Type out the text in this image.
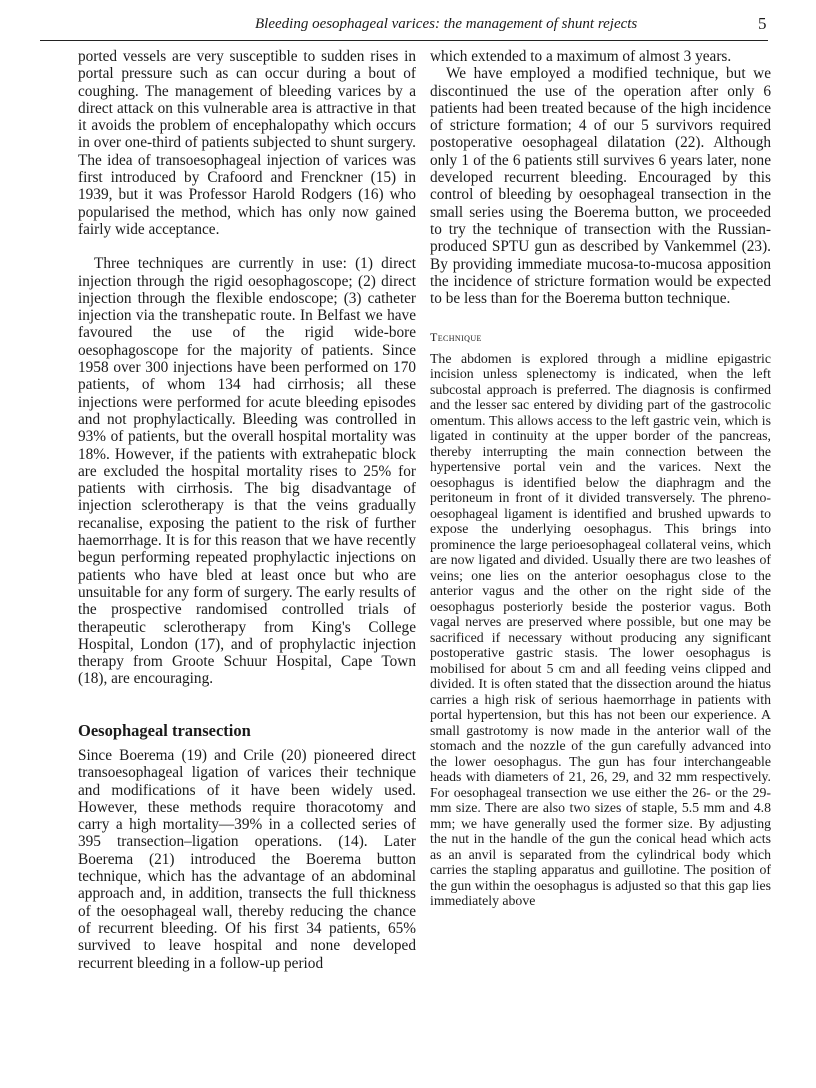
Bleeding oesophageal varices: the management of shunt rejects	5

ported vessels are very susceptible to sudden rises in portal pressure such as can occur during a bout of coughing. The management of bleeding varices by a direct attack on this vulnerable area is attractive in that it avoids the problem of encephalopathy which occurs in over one-third of patients subjected to shunt surgery. The idea of transoesophageal injection of varices was first introduced by Crafoord and Frenckner (15) in 1939, but it was Professor Harold Rodgers (16) who popularised the method, which has only now gained fairly wide acceptance.

Three techniques are currently in use: (1) direct injection through the rigid oesophagoscope; (2) direct injection through the flexible endoscope; (3) catheter injection via the transhepatic route. In Belfast we have favoured the use of the rigid wide-bore oesophagoscope for the majority of patients. Since 1958 over 300 injections have been performed on 170 patients, of whom 134 had cirrhosis; all these injections were performed for acute bleeding episodes and not prophylactically. Bleeding was controlled in 93% of patients, but the overall hospital mortality was 18%. However, if the patients with extrahepatic block are excluded the hospital mortality rises to 25% for patients with cirrhosis. The big disadvantage of injection sclerotherapy is that the veins gradually recanalise, exposing the patient to the risk of further haemorrhage. It is for this reason that we have recently begun performing repeated prophylactic injections on patients who have bled at least once but who are unsuitable for any form of surgery. The early results of the prospective randomised controlled trials of therapeutic sclerotherapy from King's College Hospital, London (17), and of prophylactic injection therapy from Groote Schuur Hospital, Cape Town (18), are encouraging.

Oesophageal transection

Since Boerema (19) and Crile (20) pioneered direct transoesophageal ligation of varices their technique and modifications of it have been widely used. However, these methods require thoracotomy and carry a high mortality—39% in a collected series of 395 transection–ligation operations. (14). Later Boerema (21) introduced the Boerema button technique, which has the advantage of an abdominal approach and, in addition, transects the full thickness of the oesophageal wall, thereby reducing the chance of recurrent bleeding. Of his first 34 patients, 65% survived to leave hospital and none developed recurrent bleeding in a follow-up period

which extended to a maximum of almost 3 years.

We have employed a modified technique, but we discontinued the use of the operation after only 6 patients had been treated because of the high incidence of stricture formation; 4 of our 5 survivors required postoperative oesophageal dilatation (22). Although only 1 of the 6 patients still survives 6 years later, none developed recurrent bleeding. Encouraged by this control of bleeding by oesophageal transection in the small series using the Boerema button, we proceeded to try the technique of transection with the Russian-produced SPTU gun as described by Vankemmel (23). By providing immediate mucosa-to-mucosa apposition the incidence of stricture formation would be expected to be less than for the Boerema button technique.

Technique

The abdomen is explored through a midline epigastric incision unless splenectomy is indicated, when the left subcostal approach is preferred. The diagnosis is confirmed and the lesser sac entered by dividing part of the gastrocolic omentum. This allows access to the left gastric vein, which is ligated in continuity at the upper border of the pancreas, thereby interrupting the main connection between the hypertensive portal vein and the varices. Next the oesophagus is identified below the diaphragm and the peritoneum in front of it divided transversely. The phreno-oesophageal ligament is identified and brushed upwards to expose the underlying oesophagus. This brings into prominence the large perioesophageal collateral veins, which are now ligated and divided. Usually there are two leashes of veins; one lies on the anterior oesophagus close to the anterior vagus and the other on the right side of the oesophagus posteriorly beside the posterior vagus. Both vagal nerves are preserved where possible, but one may be sacrificed if necessary without producing any significant postoperative gastric stasis. The lower oesophagus is mobilised for about 5 cm and all feeding veins clipped and divided. It is often stated that the dissection around the hiatus carries a high risk of serious haemorrhage in patients with portal hypertension, but this has not been our experience. A small gastrotomy is now made in the anterior wall of the stomach and the nozzle of the gun carefully advanced into the lower oesophagus. The gun has four interchangeable heads with diameters of 21, 26, 29, and 32 mm respectively. For oesophageal transection we use either the 26- or the 29-mm size. There are also two sizes of staple, 5.5 mm and 4.8 mm; we have generally used the former size. By adjusting the nut in the handle of the gun the conical head which acts as an anvil is separated from the cylindrical body which carries the stapling apparatus and guillotine. The position of the gun within the oesophagus is adjusted so that this gap lies immediately above
